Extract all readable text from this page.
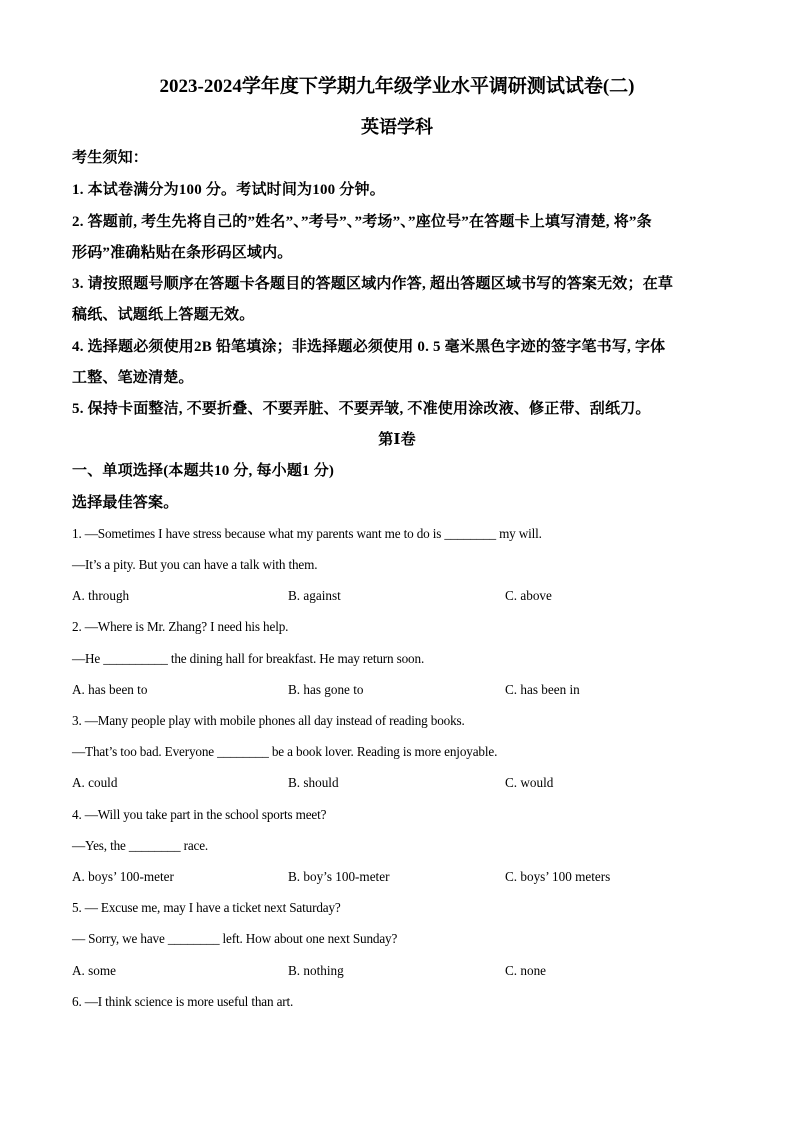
2023-2024学年度下学期九年级学业水平调研测试试卷(二)
英语学科
考生须知：
1. 本试卷满分为100 分。考试时间为100 分钟。
2. 答题前, 考生先将自己的”姓名”、”考号”、”考场”、”座位号”在答题卡上填写清楚, 将”条
形码”准确粘贴在条形码区域内。
3. 请按照题号顺序在答题卡各题目的答题区域内作答, 超出答题区域书写的答案无效；在草
稿纸、试题纸上答题无效。
4. 选择题必须使用2B 铅笔填涂；非选择题必须使用 0. 5 毫米黑色字迹的签字笔书写, 字体
工整、笔迹清楚。
5. 保持卡面整洁, 不要折叠、不要弄脏、不要弄皱, 不准使用涂改液、修正带、刮纸刀。
第Ⅰ卷
一、单项选择(本题共10 分, 每小题1 分)
选择最佳答案。
1. —Sometimes I have stress because what my parents want me to do is ________ my will.
—It’s a pity. But you can have a talk with them.
A. through	B. against	C. above
2. —Where is Mr. Zhang? I need his help.
—He __________ the dining hall for breakfast. He may return soon.
A. has been to	B. has gone to	C. has been in
3. —Many people play with mobile phones all day instead of reading books.
—That’s too bad. Everyone ________ be a book lover. Reading is more enjoyable.
A. could	B. should	C. would
4. —Will you take part in the school sports meet?
—Yes, the ________ race.
A. boys’ 100-meter	B. boy’s 100-meter	C. boys’ 100 meters
5. — Excuse me, may I have a ticket next Saturday?
— Sorry, we have ________ left. How about one next Sunday?
A. some	B. nothing	C. none
6. —I think science is more useful than art.
